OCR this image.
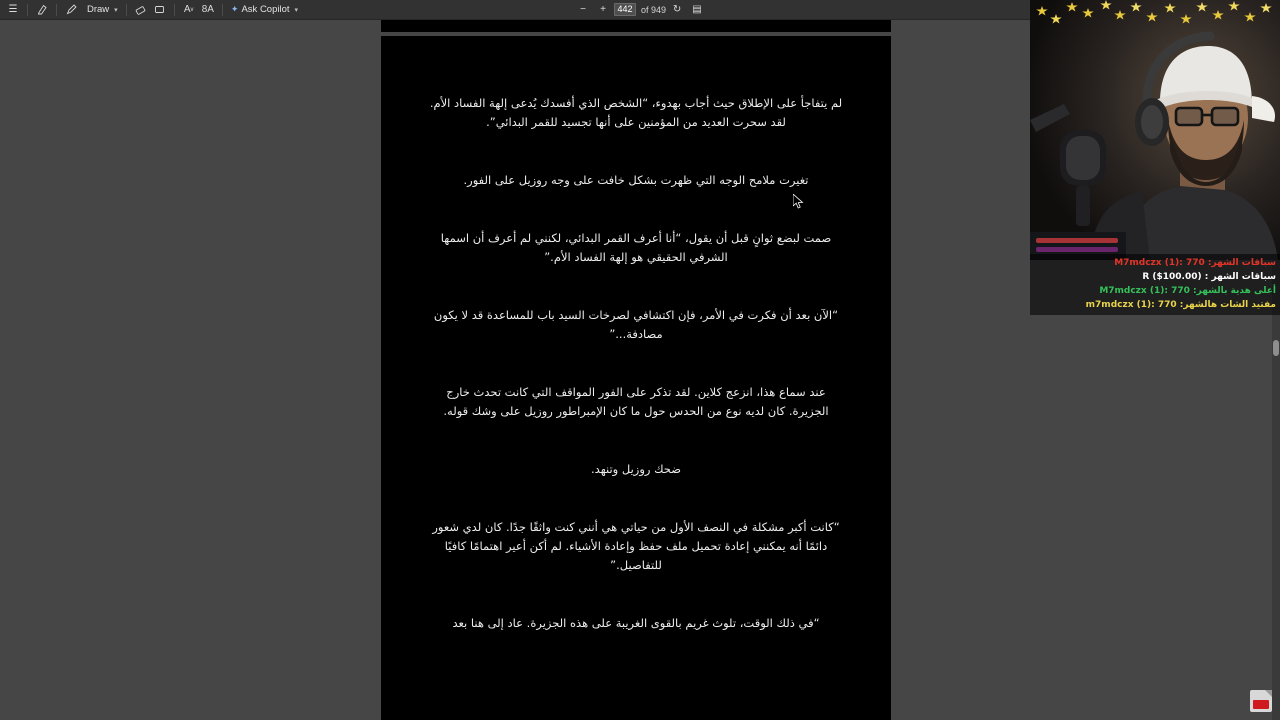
☰	Draw ▾	A v 8A	✦ Ask Copilot ▾	−	+	442 of 949 ↻	▤

لم يتفاجأ على الإطلاق حيث أجاب بهدوء، “الشخص الذي أفسدك يُدعى إلهة الفساد الأم. لقد سحرت العديد من المؤمنين على أنها تجسيد للقمر البدائي”.

تغيرت ملامح الوجه التي ظهرت بشكل خافت على وجه روزيل على الفور.

صمت لبضع ثوانٍ قبل أن يقول، “أنا أعرف القمر البدائي، لكنني لم أعرف أن اسمها الشرفي الحقيقي هو إلهة الفساد الأم.”

“الآن بعد أن فكرت في الأمر، فإن اكتشافي لصرخات السيد باب للمساعدة قد لا يكون مصادفة...”

عند سماع هذا، انزعج كلاين. لقد تذكر على الفور المواقف التي كانت تحدث خارج الجزيرة. كان لديه نوع من الحدس حول ما كان الإمبراطور روزيل على وشك قوله.

ضحك روزيل وتنهد.

“كانت أكبر مشكلة في النصف الأول من حياتي هي أنني كنت واثقًا جدًا. كان لدي شعور دائمًا أنه يمكنني إعادة تحميل ملف حفظ وإعادة الأشياء. لم أكن أعير اهتمامًا كافيًا للتفاصيل.”

“في ذلك الوقت، تلوث غريم بالقوى الغريبة على هذه الجزيرة. عاد إلى هنا بعد

سباقات الشهر: M7mdczx (1): 770
سباقات الشهر : R ($100.00)
أعلى هدية بالشهر: M7mdczx (1): 770
مفتيد الشات هالشهر: m7mdczx (1): 770
